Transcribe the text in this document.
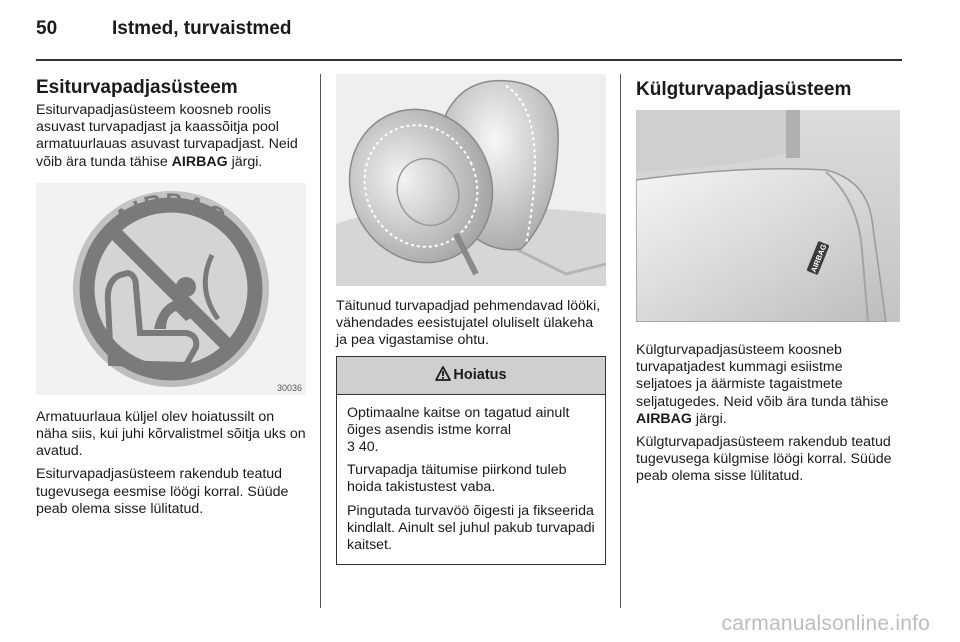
50	Istmed, turvaistmed
Esiturvapadjasüsteem

Esiturvapadjasüsteem koosneb roolis asuvast turvapadjast ja kaassõitja pool armatuurlauas asuvast turvapadjast. Neid võib ära tunda tähise AIRBAG järgi.

AIRBAG
30036

Armatuurlaua küljel olev hoiatussilt on näha siis, kui juhi kõrvalistmel sõitja uks on avatud.

Esiturvapadjasüsteem rakendub teatud tugevusega eesmise löögi korral. Süüde peab olema sisse lülitatud.

Täitunud turvapadjad pehmendavad lööki, vähendades eesistujatel oluliselt ülakeha ja pea vigastamise ohtu.

Hoiatus

Optimaalne kaitse on tagatud ainult õiges asendis istme korral
3 40.

Turvapadja täitumise piirkond tuleb hoida takistustest vaba.

Pingutada turvavöö õigesti ja fikseerida kindlalt. Ainult sel juhul pakub turvapadi kaitset.

Külgturvapadjasüsteem
AIRBAG

Külgturvapadjasüsteem koosneb turvapatjadest kummagi esiistme seljatoes ja äärmiste tagaistmete seljatugedes. Neid võib ära tunda tähise AIRBAG järgi.

Külgturvapadjasüsteem rakendub teatud tugevusega külgmise löögi korral. Süüde peab olema sisse lülitatud.

carmanualsonline.info
